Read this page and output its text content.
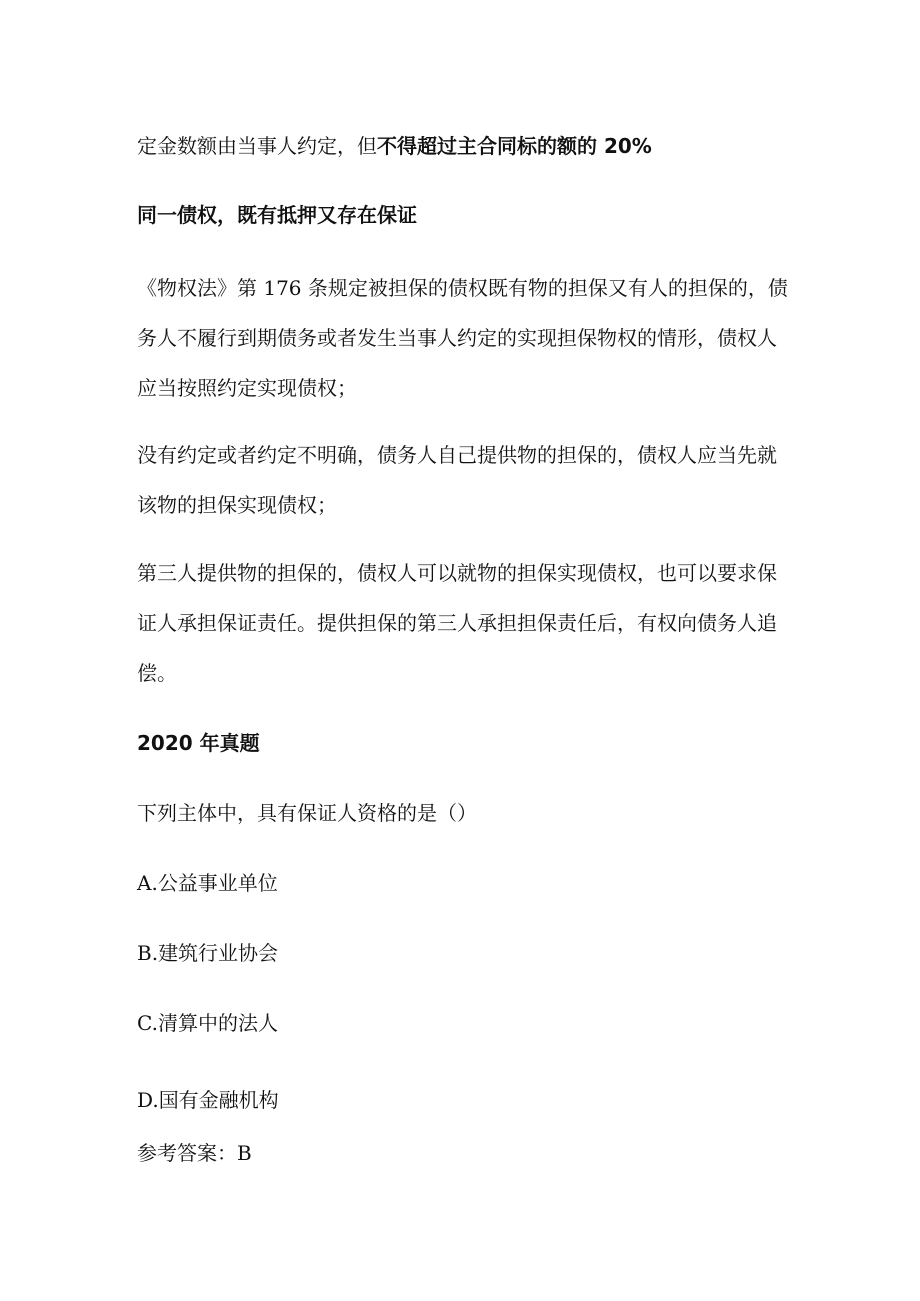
定金数额由当事人约定，但不得超过主合同标的额的 20%

同一债权，既有抵押又存在保证

《物权法》第 176 条规定被担保的债权既有物的担保又有人的担保的，债

务人不履行到期债务或者发生当事人约定的实现担保物权的情形，债权人

应当按照约定实现债权；

没有约定或者约定不明确，债务人自己提供物的担保的，债权人应当先就

该物的担保实现债权；

第三人提供物的担保的，债权人可以就物的担保实现债权，也可以要求保

证人承担保证责任。提供担保的第三人承担担保责任后，有权向债务人追

偿。

2020 年真题

下列主体中，具有保证人资格的是（）

A.公益事业单位

B.建筑行业协会

C.清算中的法人

D.国有金融机构

参考答案：B
